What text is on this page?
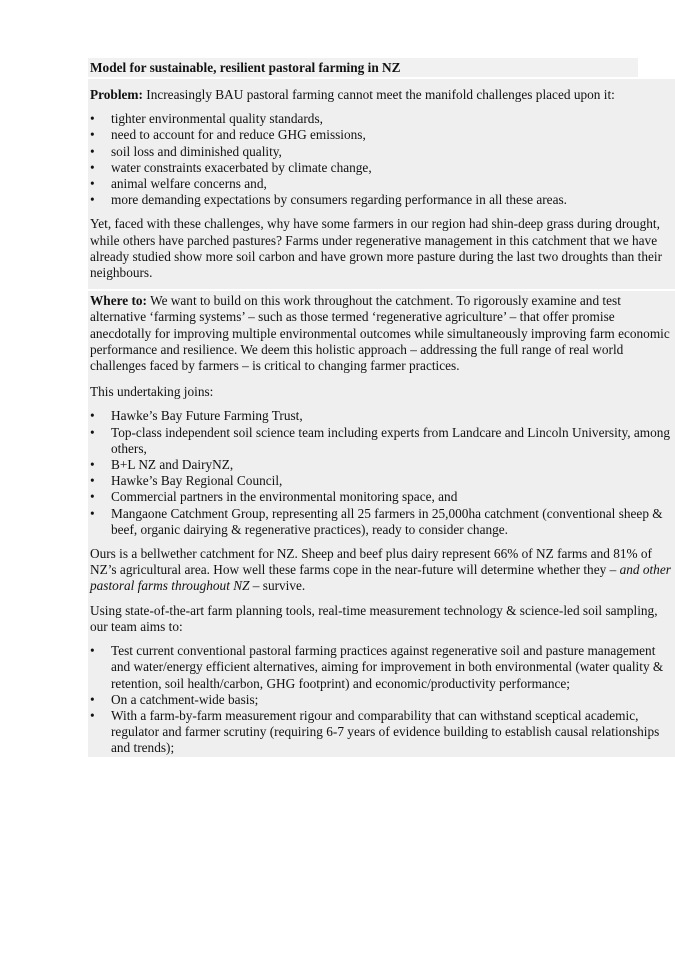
Model for sustainable, resilient pastoral farming in NZ

Problem: Increasingly BAU pastoral farming cannot meet the manifold challenges placed upon it:

•	tighter environmental quality standards,
•	need to account for and reduce GHG emissions,
•	soil loss and diminished quality,
•	water constraints exacerbated by climate change,
•	animal welfare concerns and,
•	more demanding expectations by consumers regarding performance in all these areas.

Yet, faced with these challenges, why have some farmers in our region had shin-deep grass during drought, while others have parched pastures? Farms under regenerative management in this catchment that we have already studied show more soil carbon and have grown more pasture during the last two droughts than their neighbours.

Where to: We want to build on this work throughout the catchment. To rigorously examine and test alternative ‘farming systems’ – such as those termed ‘regenerative agriculture’ – that offer promise anecdotally for improving multiple environmental outcomes while simultaneously improving farm economic performance and resilience. We deem this holistic approach – addressing the full range of real world challenges faced by farmers – is critical to changing farmer practices.

This undertaking joins:

•	Hawke’s Bay Future Farming Trust,
•	Top-class independent soil science team including experts from Landcare and Lincoln University, among others,
•	B+L NZ and DairyNZ,
•	Hawke’s Bay Regional Council,
•	Commercial partners in the environmental monitoring space, and
•	Mangaone Catchment Group, representing all 25 farmers in 25,000ha catchment (conventional sheep & beef, organic dairying & regenerative practices), ready to consider change.

Ours is a bellwether catchment for NZ. Sheep and beef plus dairy represent 66% of NZ farms and 81% of NZ’s agricultural area. How well these farms cope in the near-future will determine whether they – and other pastoral farms throughout NZ – survive.

Using state-of-the-art farm planning tools, real-time measurement technology & science-led soil sampling, our team aims to:

•	Test current conventional pastoral farming practices against regenerative soil and pasture management and water/energy efficient alternatives, aiming for improvement in both environmental (water quality & retention, soil health/carbon, GHG footprint) and economic/productivity performance;
•	On a catchment-wide basis;
•	With a farm-by-farm measurement rigour and comparability that can withstand sceptical academic, regulator and farmer scrutiny (requiring 6-7 years of evidence building to establish causal relationships and trends);
